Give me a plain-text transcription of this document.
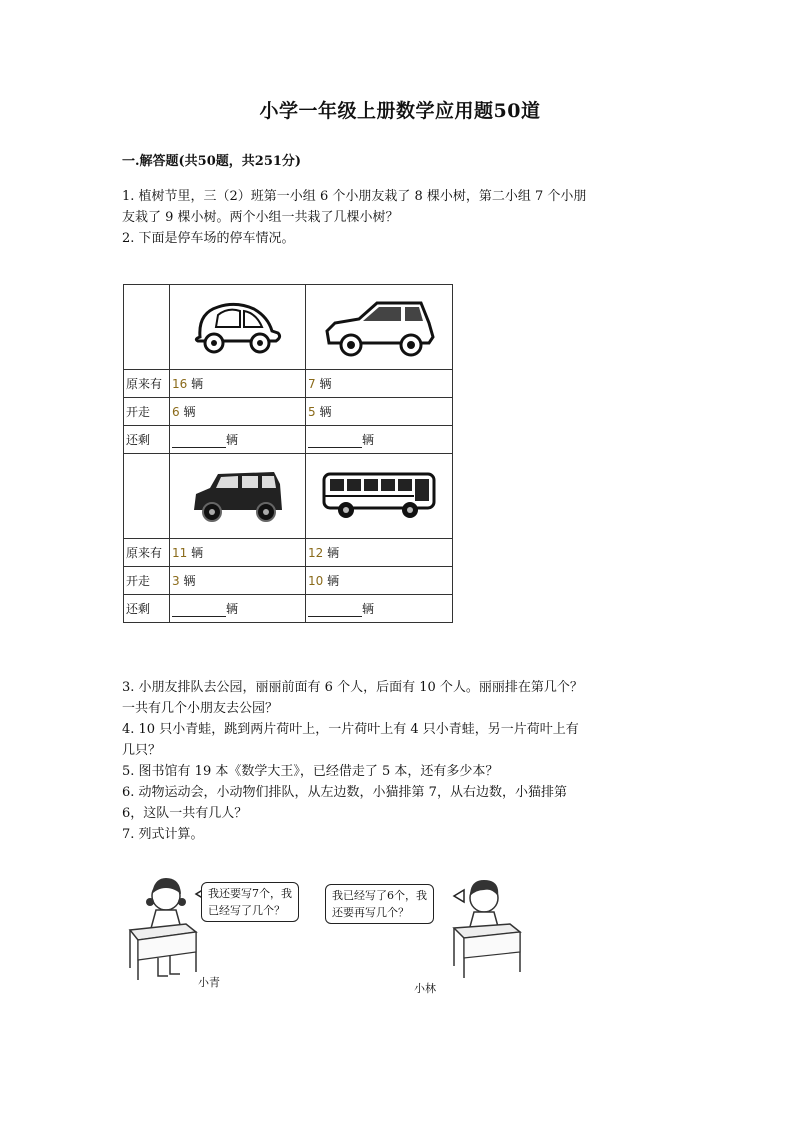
小学一年级上册数学应用题50道
一.解答题(共50题，共251分)
1. 植树节里，三（2）班第一小组 6 个小朋友栽了 8 棵小树，第二小组 7 个小朋
友栽了 9 棵小树。两个小组一共栽了几棵小树？
2. 下面是停车场的停车情况。

原来有	16 辆	7 辆
开走	6 辆	5 辆
还剩	辆	辆

原来有	11 辆	12 辆
开走	3 辆	10 辆
还剩	辆	辆
3. 小朋友排队去公园，丽丽前面有 6 个人，后面有 10 个人。丽丽排在第几个？
一共有几个小朋友去公园？
4. 10 只小青蛙，跳到两片荷叶上，一片荷叶上有 4 只小青蛙，另一片荷叶上有
几只？
5. 图书馆有 19 本《数学大王》，已经借走了 5 本，还有多少本？
6. 动物运动会，小动物们排队，从左边数，小猫排第 7，从右边数，小猫排第
6，这队一共有几人？
7. 列式计算。
我还要写7个，我
已经写了几个？
我已经写了6个，我
还要再写几个？
小青	小林
